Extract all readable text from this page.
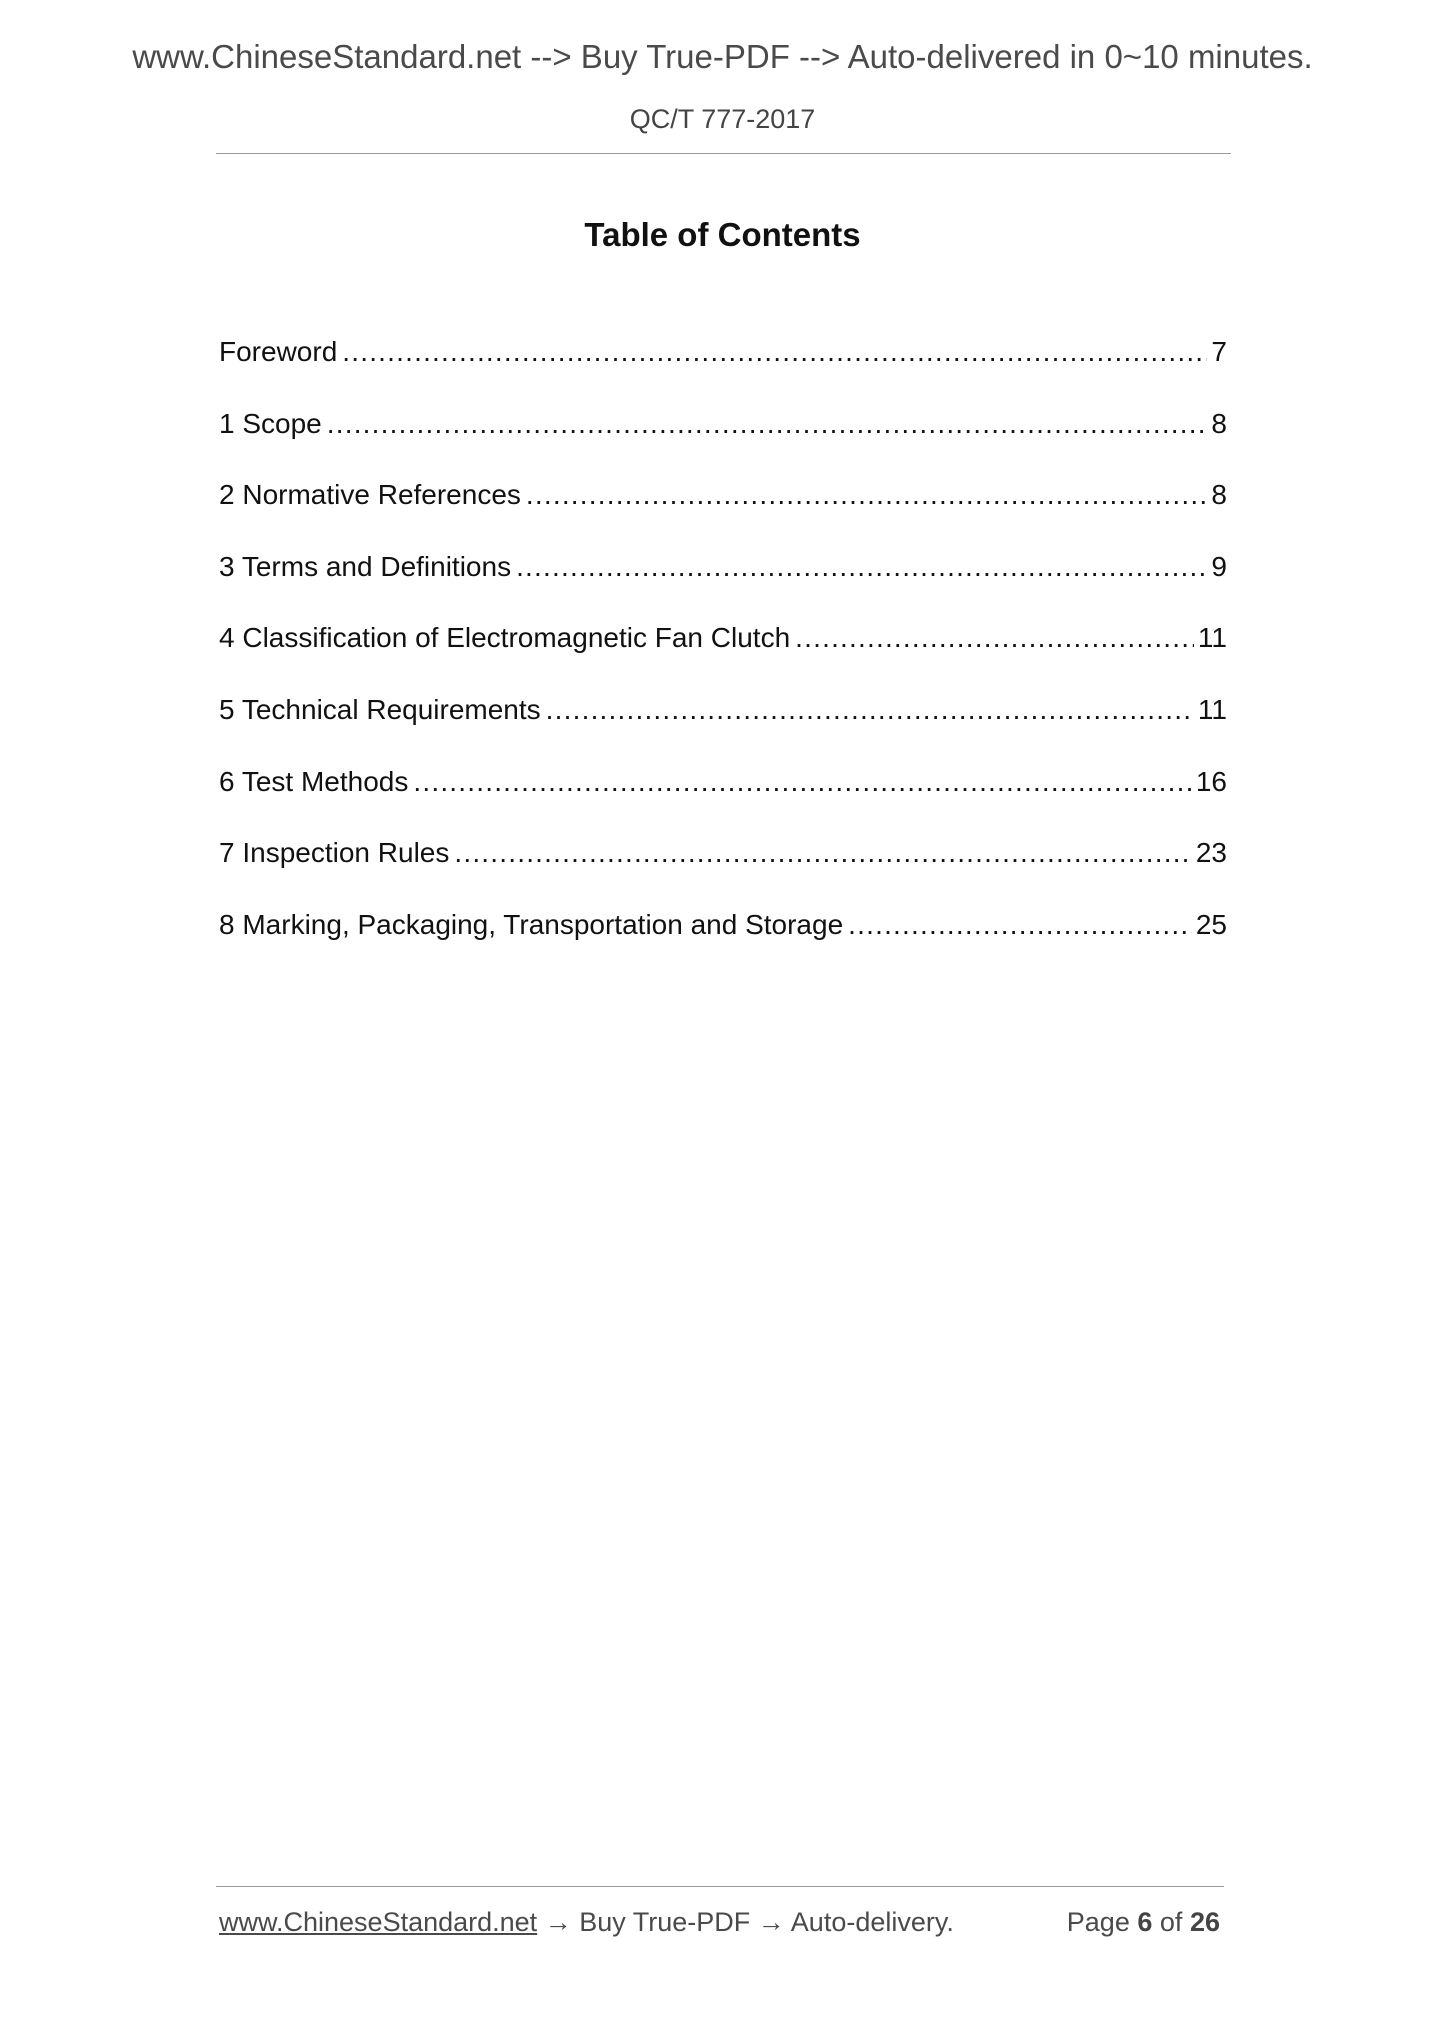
www.ChineseStandard.net --> Buy True-PDF --> Auto-delivered in 0~10 minutes.
QC/T 777-2017
Table of Contents
Foreword .....	7
1 Scope .....	8
2 Normative References .....	8
3 Terms and Definitions .....	9
4 Classification of Electromagnetic Fan Clutch .....	11
5 Technical Requirements .....	11
6 Test Methods .....	16
7 Inspection Rules .....	23
8 Marking, Packaging, Transportation and Storage .....	25
www.ChineseStandard.net → Buy True-PDF → Auto-delivery.	Page 6 of 26
